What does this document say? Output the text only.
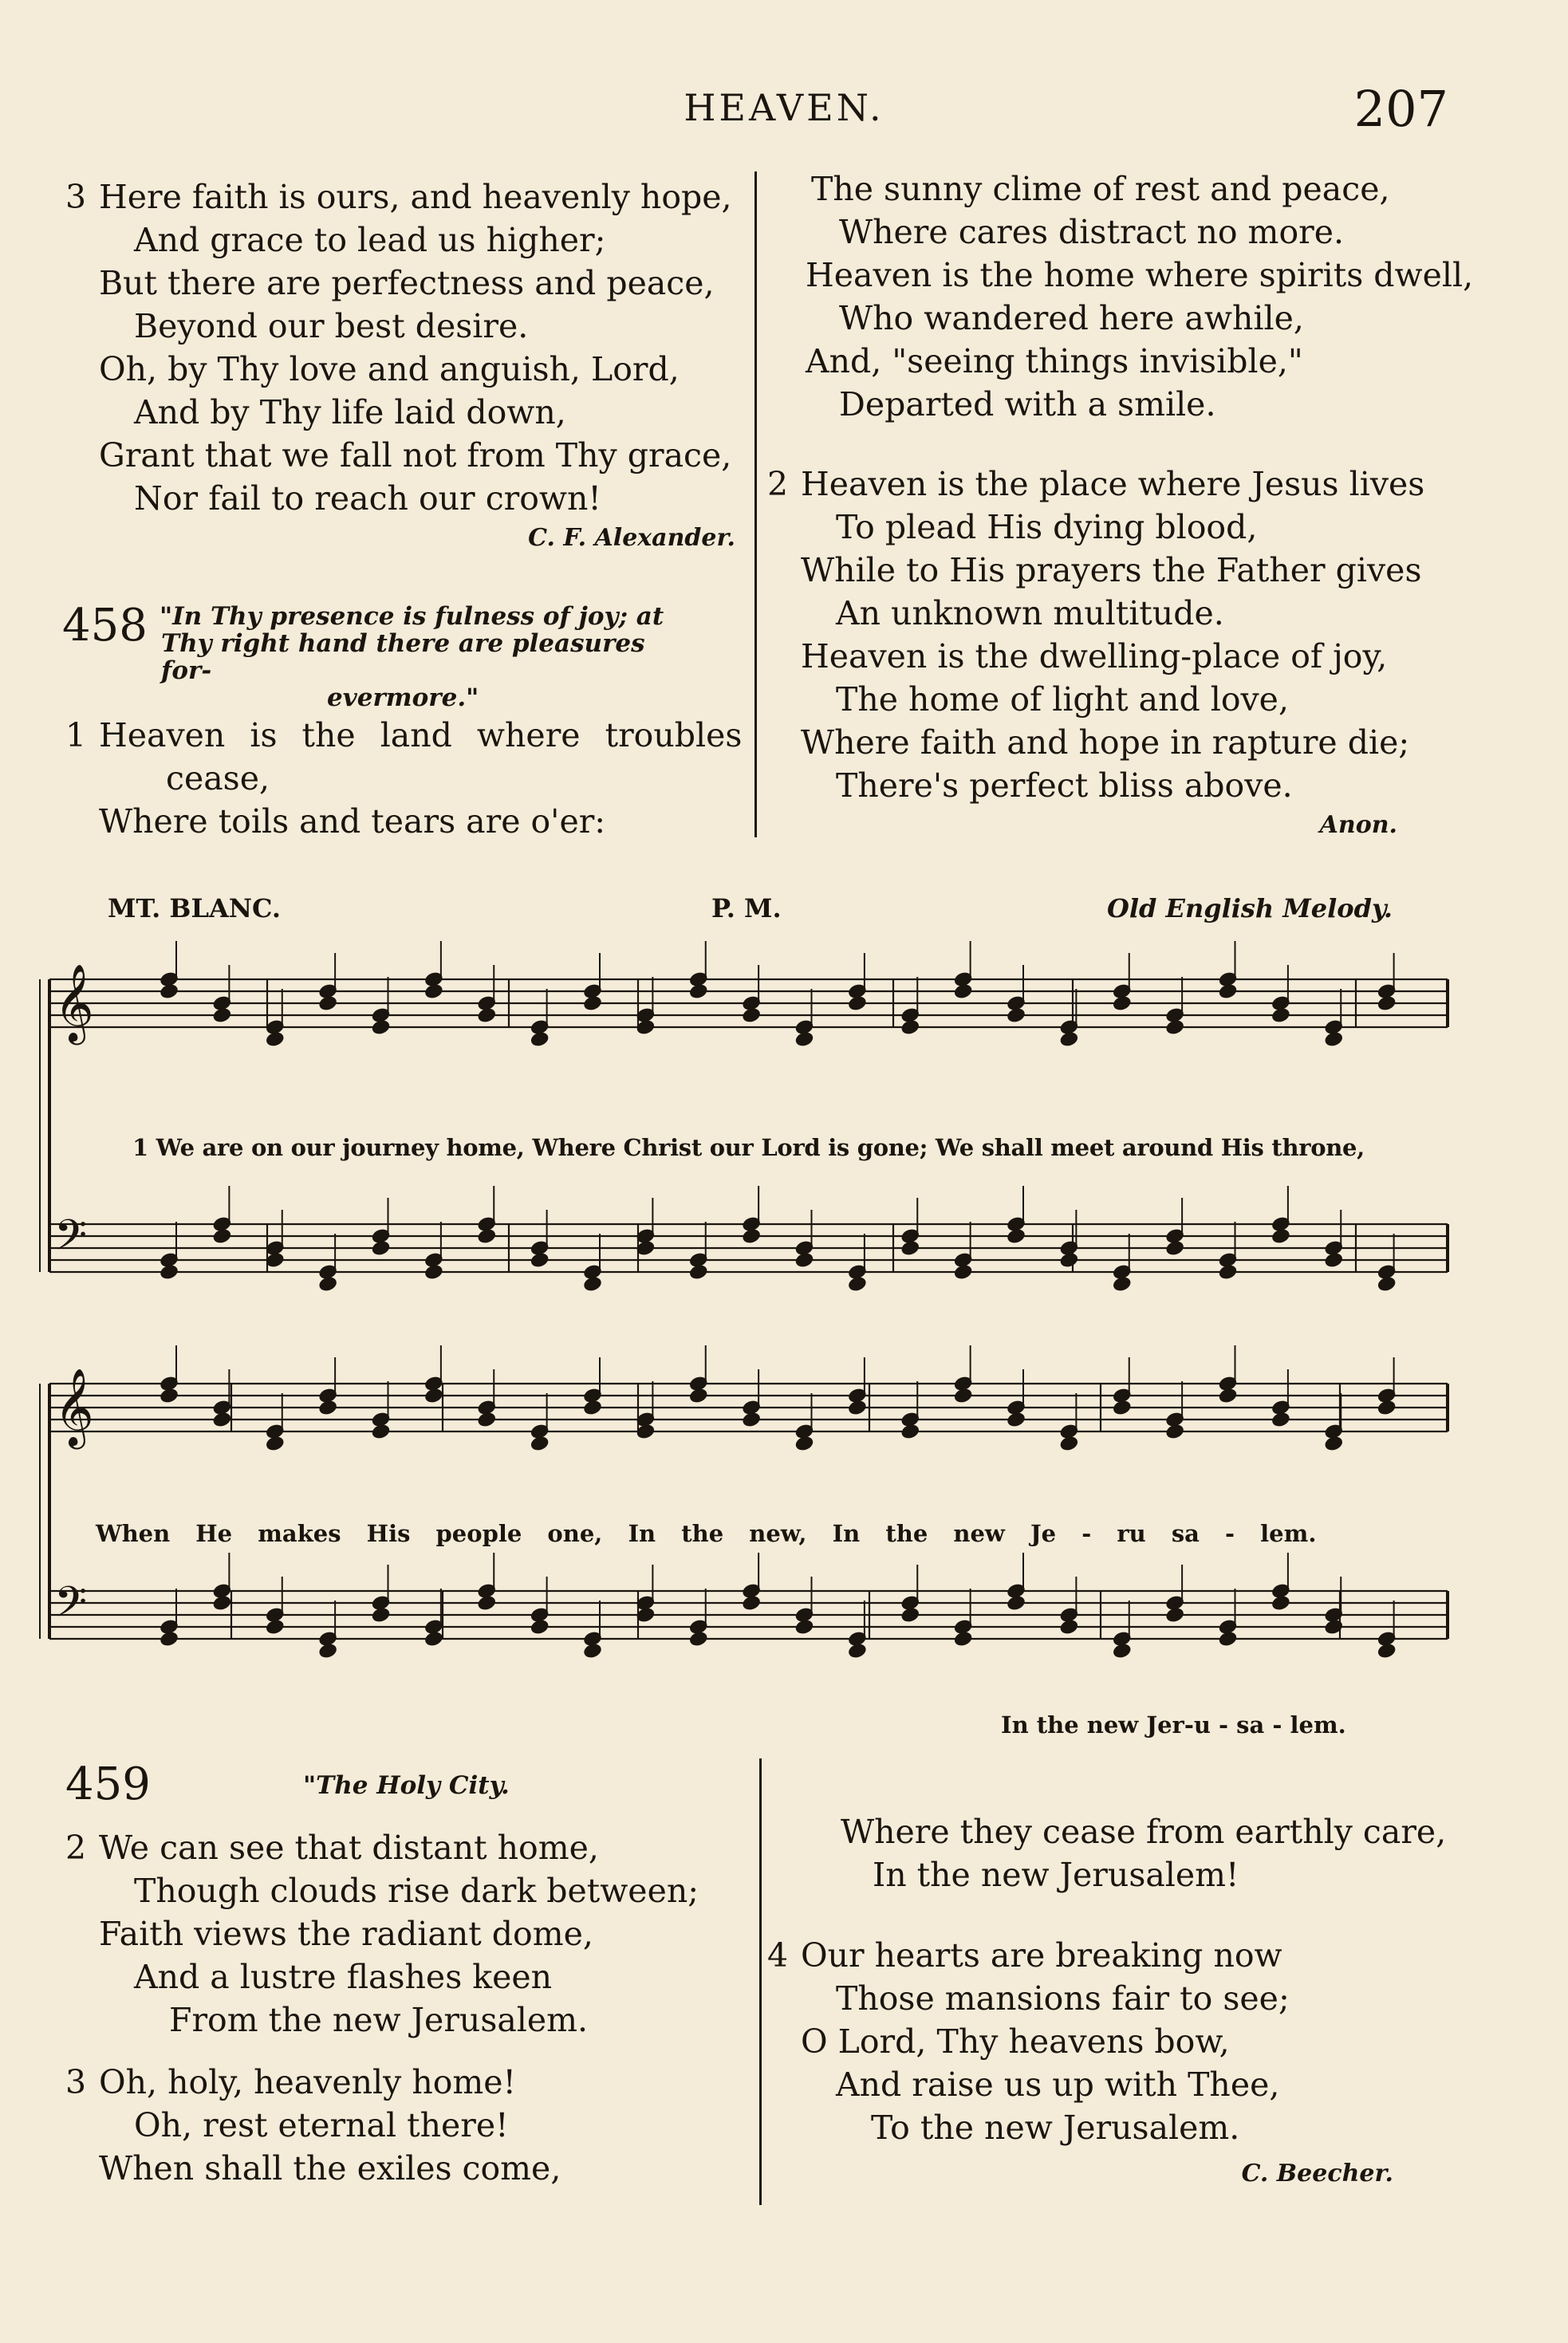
HEAVEN.	207
3 Here faith is ours, and heavenly hope,
And grace to lead us higher;
But there are perfectness and peace,
Beyond our best desire.
Oh, by Thy love and anguish, Lord,
And by Thy life laid down,
Grant that we fall not from Thy grace,
Nor fail to reach our crown!
C. F. Alexander.
458 "In Thy presence is fulness of joy; at
Thy right hand there are pleasures for-
evermore."
1 Heaven is the land where troubles
cease,
Where toils and tears are o'er:
The sunny clime of rest and peace,
Where cares distract no more.
Heaven is the home where spirits dwell,
Who wandered here awhile,
And, "seeing things invisible,"
Departed with a smile.
2 Heaven is the place where Jesus lives
To plead His dying blood,
While to His prayers the Father gives
An unknown multitude.
Heaven is the dwelling-place of joy,
The home of light and love,
Where faith and hope in rapture die;
There's perfect bliss above.
Anon.
MT. BLANC.	P. M.	Old English Melody.
𝄞
𝄢
𝄞
𝄢
1 We are on our journey home, Where Christ our Lord is gone; We shall meet around His throne,
When He makes His people one, In the new, In the new Je - ru sa - lem.
In the new Jer-u - sa - lem.
459	"The Holy City.
2 We can see that distant home,
Though clouds rise dark between;
Faith views the radiant dome,
And a lustre flashes keen
From the new Jerusalem.
3 Oh, holy, heavenly home!
Oh, rest eternal there!
When shall the exiles come,
Where they cease from earthly care,
In the new Jerusalem!
4 Our hearts are breaking now
Those mansions fair to see;
O Lord, Thy heavens bow,
And raise us up with Thee,
To the new Jerusalem.
C. Beecher.
